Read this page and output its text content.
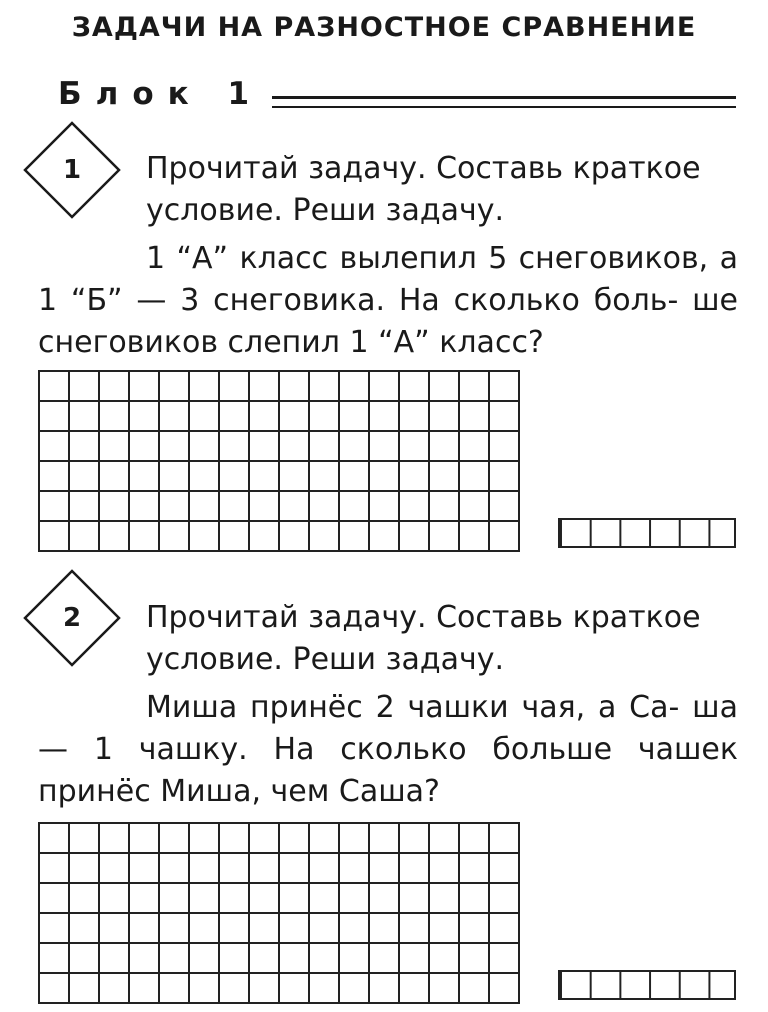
ЗАДАЧИ НА РАЗНОСТНОЕ СРАВНЕНИЕ
Блок 1
1	Прочитай задачу. Составь краткое условие. Реши задачу.

1 “А” класс вылепил 5 снеговиков, а 1 “Б” — 3 снеговика. На сколько боль- ше снеговиков слепил 1 “А” класс?

2	Прочитай задачу. Составь краткое условие. Реши задачу.

Миша принёс 2 чашки чая, а Са- ша — 1 чашку. На сколько больше чашек принёс Миша, чем Саша?
